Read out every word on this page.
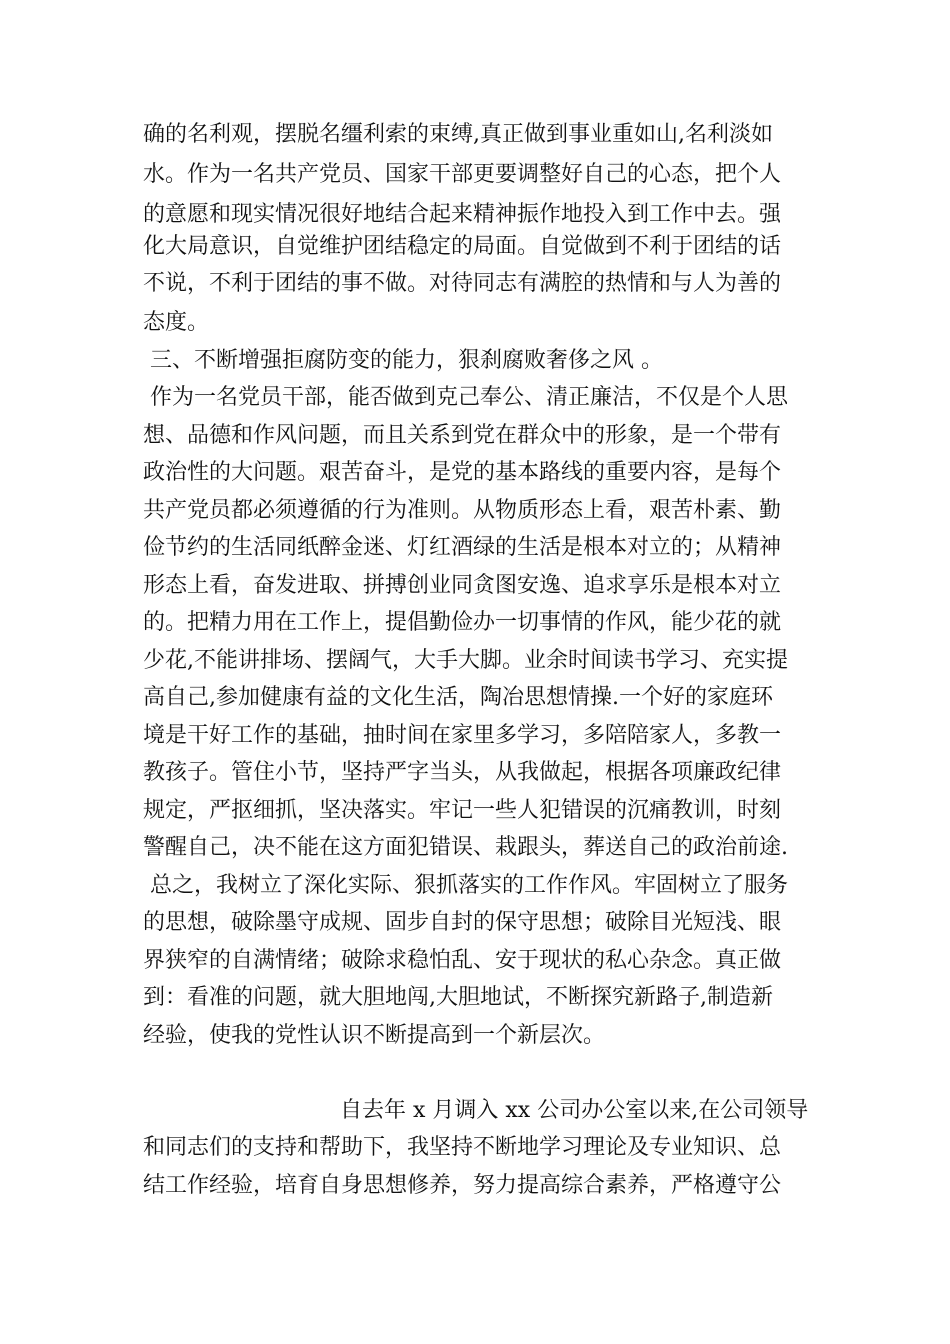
确的名利观，摆脱名缰利索的束缚,真正做到事业重如山,名利淡如
水。作为一名共产党员、国家干部更要调整好自己的心态，把个人
的意愿和现实情况很好地结合起来精神振作地投入到工作中去。强
化大局意识，自觉维护团结稳定的局面。自觉做到不利于团结的话
不说，不利于团结的事不做。对待同志有满腔的热情和与人为善的
态度。
三、不断增强拒腐防变的能力，狠刹腐败奢侈之风 。
作为一名党员干部，能否做到克己奉公、清正廉洁，不仅是个人思
想、品德和作风问题，而且关系到党在群众中的形象，是一个带有
政治性的大问题。艰苦奋斗，是党的基本路线的重要内容，是每个
共产党员都必须遵循的行为准则。从物质形态上看，艰苦朴素、勤
俭节约的生活同纸醉金迷、灯红酒绿的生活是根本对立的；从精神
形态上看，奋发进取、拼搏创业同贪图安逸、追求享乐是根本对立
的。把精力用在工作上，提倡勤俭办一切事情的作风，能少花的就
少花,不能讲排场、摆阔气，大手大脚。业余时间读书学习、充实提
高自己,参加健康有益的文化生活，陶冶思想情操.一个好的家庭环
境是干好工作的基础，抽时间在家里多学习，多陪陪家人，多教一
教孩子。管住小节，坚持严字当头，从我做起，根据各项廉政纪律
规定，严抠细抓，坚决落实。牢记一些人犯错误的沉痛教训，时刻
警醒自己，决不能在这方面犯错误、栽跟头，葬送自己的政治前途.
总之，我树立了深化实际、狠抓落实的工作作风。牢固树立了服务
的思想，破除墨守成规、固步自封的保守思想；破除目光短浅、眼
界狭窄的自满情绪；破除求稳怕乱、安于现状的私心杂念。真正做
到：看准的问题，就大胆地闯,大胆地试，不断探究新路子,制造新
经验，使我的党性认识不断提高到一个新层次。
自去年 x 月调入 xx 公司办公室以来,在公司领导
和同志们的支持和帮助下，我坚持不断地学习理论及专业知识、总
结工作经验，培育自身思想修养，努力提高综合素养，严格遵守公
